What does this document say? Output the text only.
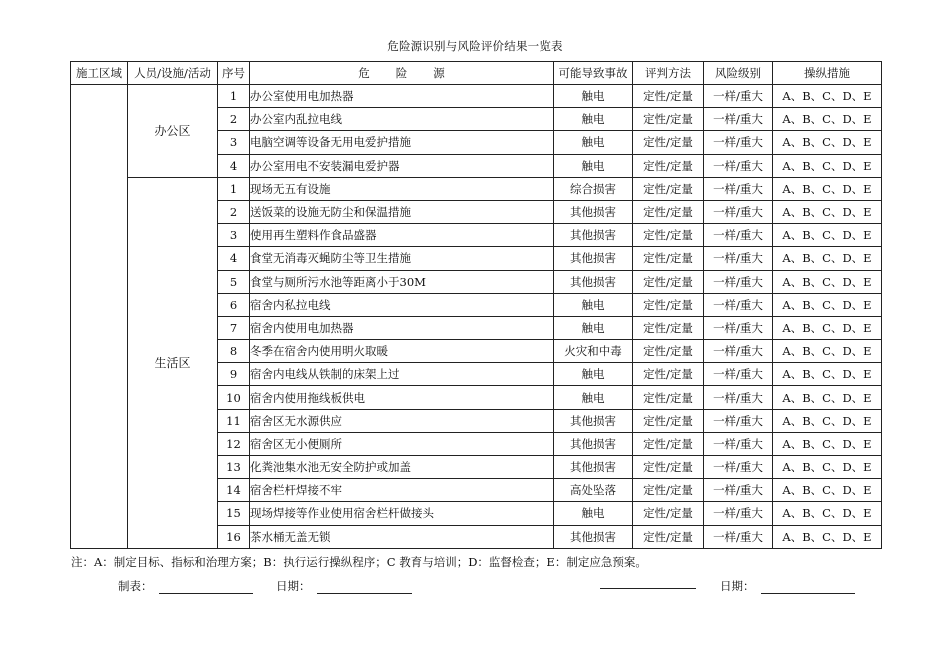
危险源识别与风险评价结果一览表
施工区域	人员/设施/活动	序号	危险源	可能导致事故	评判方法	风险级别	操纵措施
	办公区	1	办公室使用电加热器	触电	定性/定量	一样/重大	A、B、C、D、E
		2	办公室内乱拉电线	触电	定性/定量	一样/重大	A、B、C、D、E
		3	电脑空调等设备无用电爱护措施	触电	定性/定量	一样/重大	A、B、C、D、E
		4	办公室用电不安装漏电爱护器	触电	定性/定量	一样/重大	A、B、C、D、E
	生活区	1	现场无五有设施	综合损害	定性/定量	一样/重大	A、B、C、D、E
		2	送饭菜的设施无防尘和保温措施	其他损害	定性/定量	一样/重大	A、B、C、D、E
		3	使用再生塑料作食品盛器	其他损害	定性/定量	一样/重大	A、B、C、D、E
		4	食堂无消毒灭蝇防尘等卫生措施	其他损害	定性/定量	一样/重大	A、B、C、D、E
		5	食堂与厕所污水池等距离小于30M	其他损害	定性/定量	一样/重大	A、B、C、D、E
		6	宿舍内私拉电线	触电	定性/定量	一样/重大	A、B、C、D、E
		7	宿舍内使用电加热器	触电	定性/定量	一样/重大	A、B、C、D、E
		8	冬季在宿舍内使用明火取暖	火灾和中毒	定性/定量	一样/重大	A、B、C、D、E
		9	宿舍内电线从铁制的床架上过	触电	定性/定量	一样/重大	A、B、C、D、E
		10	宿舍内使用拖线板供电	触电	定性/定量	一样/重大	A、B、C、D、E
		11	宿舍区无水源供应	其他损害	定性/定量	一样/重大	A、B、C、D、E
		12	宿舍区无小便厕所	其他损害	定性/定量	一样/重大	A、B、C、D、E
		13	化粪池集水池无安全防护或加盖	其他损害	定性/定量	一样/重大	A、B、C、D、E
		14	宿舍栏杆焊接不牢	高处坠落	定性/定量	一样/重大	A、B、C、D、E
		15	现场焊接等作业使用宿舍栏杆做接头	触电	定性/定量	一样/重大	A、B、C、D、E
		16	茶水桶无盖无锁	其他损害	定性/定量	一样/重大	A、B、C、D、E
注：A：制定目标、指标和治理方案；B：执行运行操纵程序；C 教育与培训；D：监督检查；E：制定应急预案。
制表：	日期：	日期：
